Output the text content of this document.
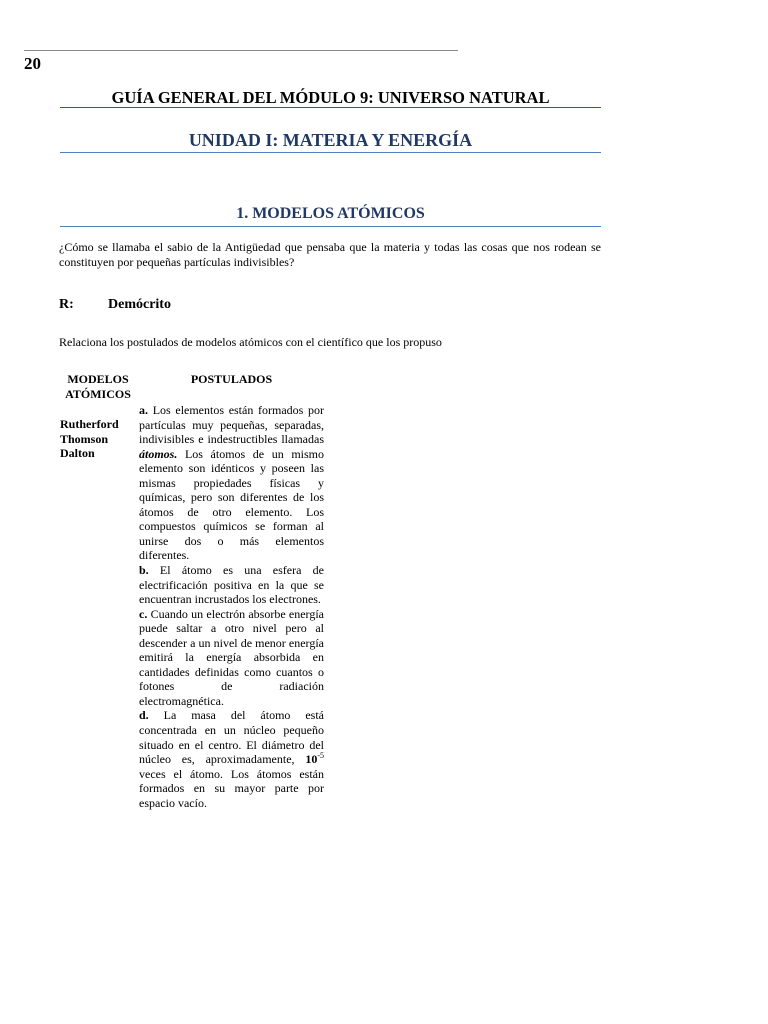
20
GUÍA GENERAL DEL MÓDULO 9: UNIVERSO NATURAL
UNIDAD I: MATERIA Y ENERGÍA
1. MODELOS ATÓMICOS
¿Cómo se llamaba el sabio de la Antigüedad que pensaba que la materia y todas las cosas que nos rodean se constituyen por pequeñas partículas indivisibles?
R: Demócrito
Relaciona los postulados de modelos atómicos con el científico que los propuso
MODELOS ATÓMICOS
POSTULADOS
Rutherford
Thomson
Dalton

a. Los elementos están formados por partículas muy pequeñas, separadas, indivisibles e indestructibles llamadas átomos. Los átomos de un mismo elemento son idénticos y poseen las mismas propiedades físicas y químicas, pero son diferentes de los átomos de otro elemento. Los compuestos químicos se forman al unirse dos o más elementos diferentes.

b. El átomo es una esfera de electrificación positiva en la que se encuentran incrustados los electrones.

c. Cuando un electrón absorbe energía puede saltar a otro nivel pero al descender a un nivel de menor energía emitirá la energía absorbida en cantidades definidas como cuantos o fotones de radiación electromagnética.

d. La masa del átomo está concentrada en un núcleo pequeño situado en el centro. El diámetro del núcleo es, aproximadamente, $10^{-5}$ veces el átomo. Los átomos están formados en su mayor parte por espacio vacío.
